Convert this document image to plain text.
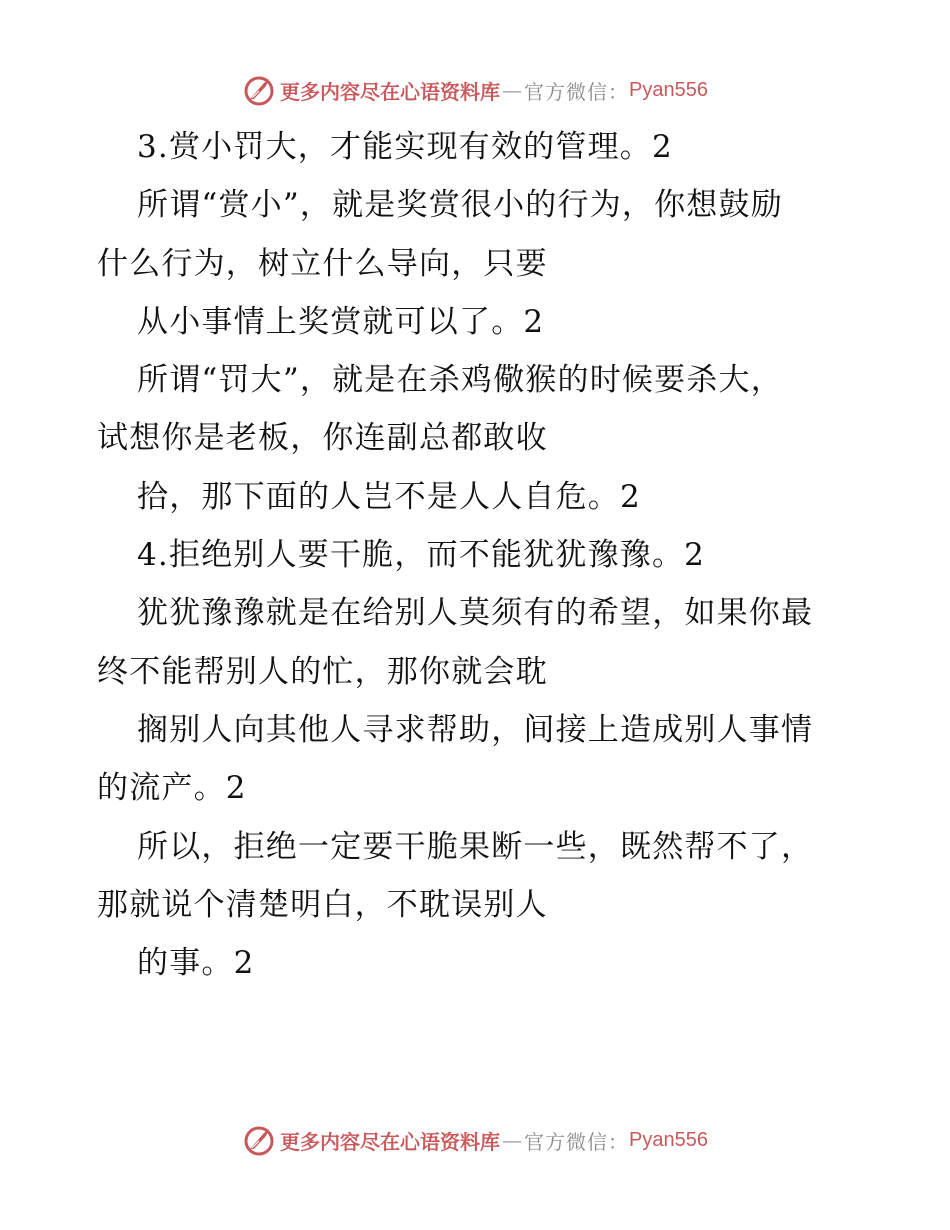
更多内容尽在心语资料库 — 官方微信： Pyan556
3.赏小罚大，才能实现有效的管理。2
所谓“赏小”，就是奖赏很小的行为，你想鼓励
什么行为，树立什么导向，只要
从小事情上奖赏就可以了。2
所谓“罚大”，就是在杀鸡儆猴的时候要杀大，
试想你是老板，你连副总都敢收
拾，那下面的人岂不是人人自危。2
4.拒绝别人要干脆，而不能犹犹豫豫。2
犹犹豫豫就是在给别人莫须有的希望，如果你最
终不能帮别人的忙，那你就会耽
搁别人向其他人寻求帮助，间接上造成别人事情
的流产。2
所以，拒绝一定要干脆果断一些，既然帮不了，
那就说个清楚明白，不耽误别人
的事。2
更多内容尽在心语资料库 — 官方微信： Pyan556
